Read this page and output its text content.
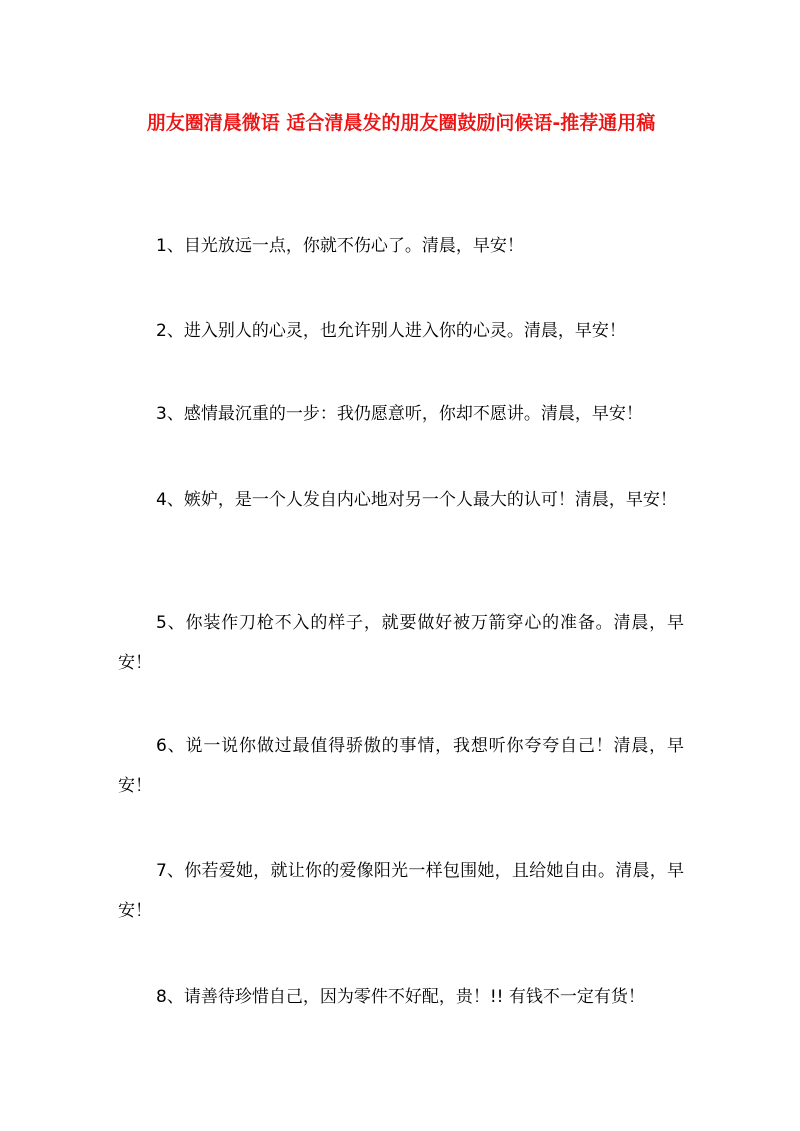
朋友圈清晨微语 适合清晨发的朋友圈鼓励问候语-推荐通用稿
1、目光放远一点，你就不伤心了。清晨，早安！
2、进入别人的心灵，也允许别人进入你的心灵。清晨，早安！
3、感情最沉重的一步：我仍愿意听，你却不愿讲。清晨，早安！
4、嫉妒，是一个人发自内心地对另一个人最大的认可！清晨，早安！
5、你装作刀枪不入的样子，就要做好被万箭穿心的准备。清晨，早安！
6、说一说你做过最值得骄傲的事情，我想听你夸夸自己！清晨，早安！
7、你若爱她，就让你的爱像阳光一样包围她，且给她自由。清晨，早安！
8、请善待珍惜自己，因为零件不好配，贵！!! 有钱不一定有货！
